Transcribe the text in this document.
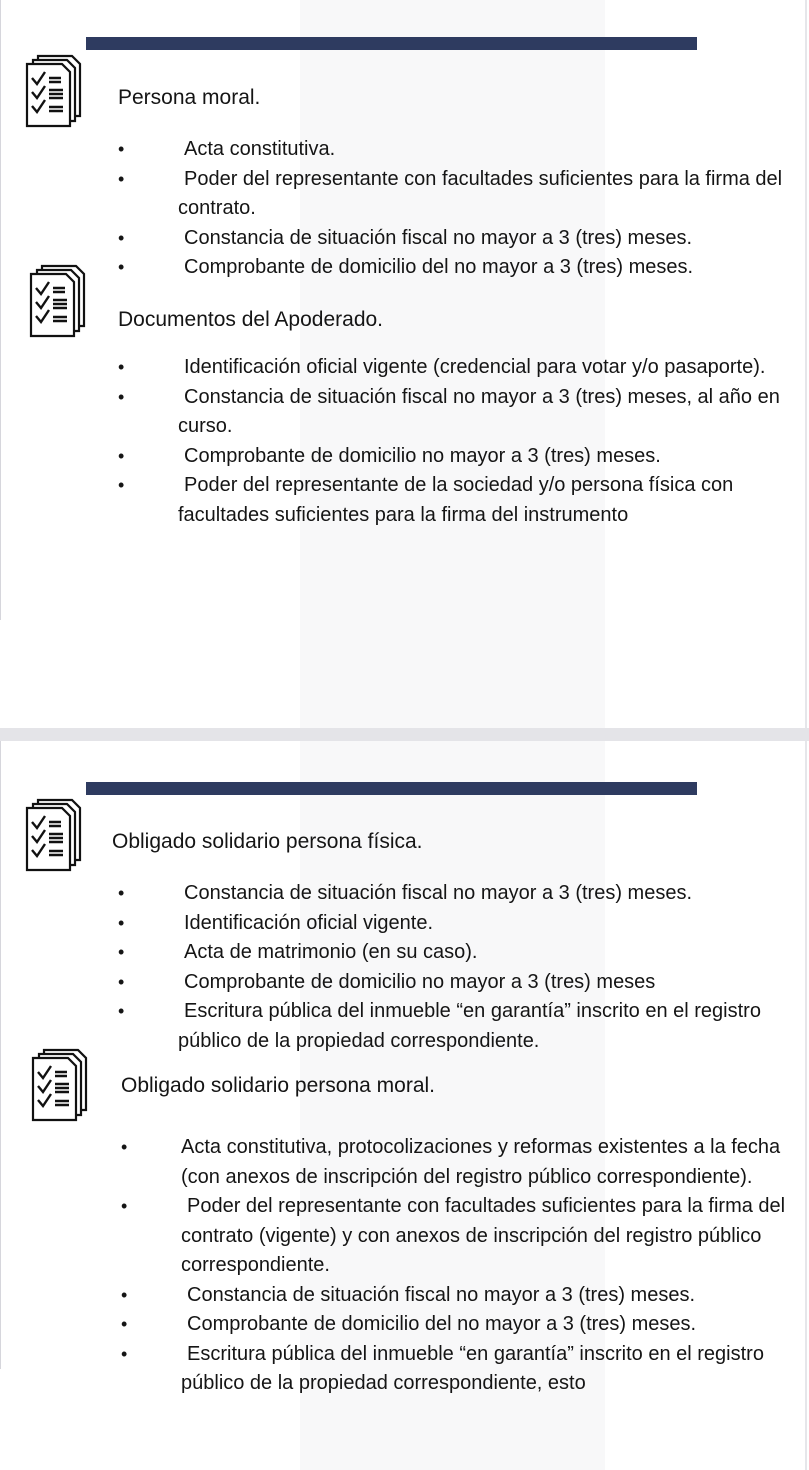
Persona moral.

• Acta constitutiva.
• Poder del representante con facultades suficientes para la firma del contrato.
• Constancia de situación fiscal no mayor a 3 (tres) meses.
• Comprobante de domicilio del no mayor a 3 (tres) meses.

Documentos del Apoderado.

• Identificación oficial vigente (credencial para votar y/o pasaporte).
• Constancia de situación fiscal no mayor a 3 (tres) meses, al año en curso.
• Comprobante de domicilio no mayor a 3 (tres) meses.
• Poder del representante de la sociedad y/o persona física con facultades suficientes para la firma del instrumento

Obligado solidario persona física.

• Constancia de situación fiscal no mayor a 3 (tres) meses.
• Identificación oficial vigente.
• Acta de matrimonio (en su caso).
• Comprobante de domicilio no mayor a 3 (tres) meses
• Escritura pública del inmueble “en garantía” inscrito en el registro público de la propiedad correspondiente.

Obligado solidario persona moral.

• Acta constitutiva, protocolizaciones y reformas existentes a la fecha (con anexos de inscripción del registro público correspondiente).
• Poder del representante con facultades suficientes para la firma del contrato (vigente) y con anexos de inscripción del registro público correspondiente.
• Constancia de situación fiscal no mayor a 3 (tres) meses.
• Comprobante de domicilio del no mayor a 3 (tres) meses.
• Escritura pública del inmueble “en garantía” inscrito en el registro público de la propiedad correspondiente, esto
